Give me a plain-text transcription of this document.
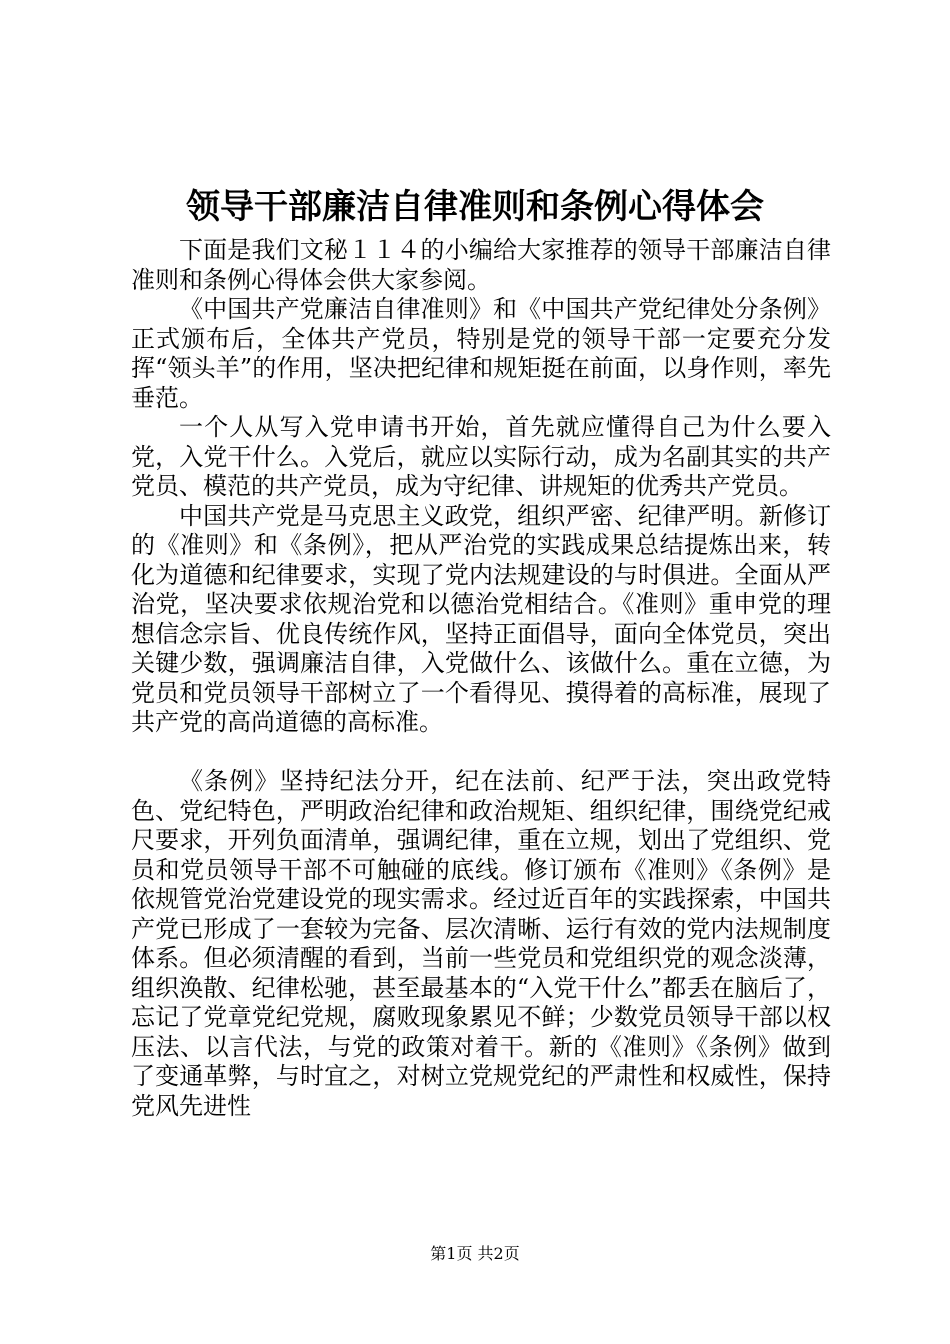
领导干部廉洁自律准则和条例心得体会

下面是我们文秘１１４的小编给大家推荐的领导干部廉洁自律准则和条例心得体会供大家参阅。

《中国共产党廉洁自律准则》和《中国共产党纪律处分条例》正式颁布后，全体共产党员，特别是党的领导干部一定要充分发挥“领头羊”的作用，坚决把纪律和规矩挺在前面，以身作则，率先垂范。

一个人从写入党申请书开始，首先就应懂得自己为什么要入党，入党干什么。入党后，就应以实际行动，成为名副其实的共产党员、模范的共产党员，成为守纪律、讲规矩的优秀共产党员。

中国共产党是马克思主义政党，组织严密、纪律严明。新修订的《准则》和《条例》，把从严治党的实践成果总结提炼出来，转化为道德和纪律要求，实现了党内法规建设的与时俱进。全面从严治党，坚决要求依规治党和以德治党相结合。《准则》重申党的理想信念宗旨、优良传统作风，坚持正面倡导，面向全体党员，突出关键少数，强调廉洁自律，入党做什么、该做什么。重在立德，为党员和党员领导干部树立了一个看得见、摸得着的高标准，展现了共产党的高尚道德的高标准。

《条例》坚持纪法分开，纪在法前、纪严于法，突出政党特色、党纪特色，严明政治纪律和政治规矩、组织纪律，围绕党纪戒尺要求，开列负面清单，强调纪律，重在立规，划出了党组织、党员和党员领导干部不可触碰的底线。修订颁布《准则》《条例》是依规管党治党建设党的现实需求。经过近百年的实践探索，中国共产党已形成了一套较为完备、层次清晰、运行有效的党内法规制度体系。但必须清醒的看到，当前一些党员和党组织党的观念淡薄，组织涣散、纪律松驰，甚至最基本的“入党干什么”都丢在脑后了，忘记了党章党纪党规，腐败现象累见不鲜；少数党员领导干部以权压法、以言代法，与党的政策对着干。新的《准则》《条例》做到了变通革弊，与时宜之，对树立党规党纪的严肃性和权威性，保持党风先进性

第1页 共2页
